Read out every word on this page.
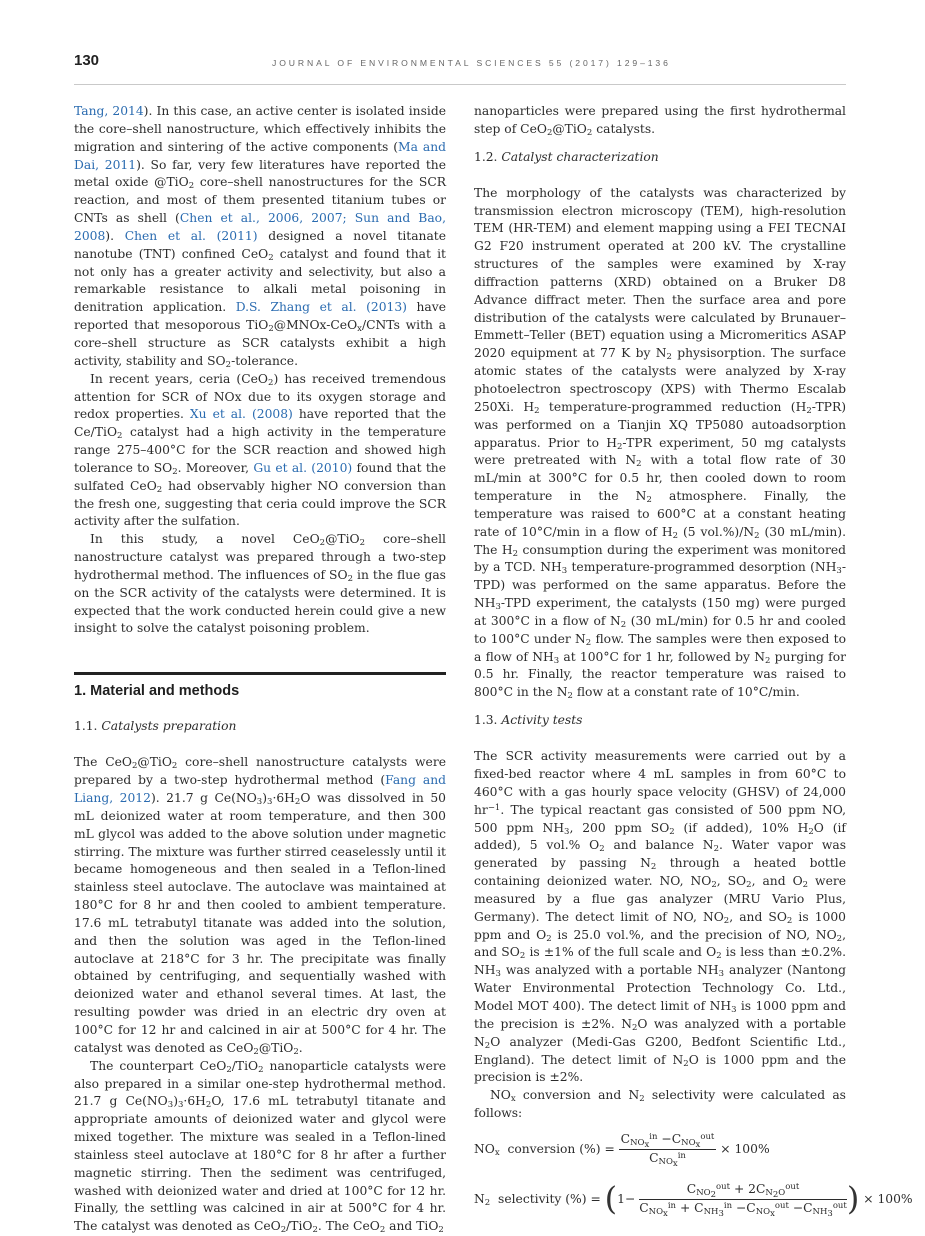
130	JOURNAL OF ENVIRONMENTAL SCIENCES 55 (2017) 129–136

Tang, 2014). In this case, an active center is isolated inside the core–shell nanostructure, which effectively inhibits the migration and sintering of the active components (Ma and Dai, 2011). So far, very few literatures have reported the metal oxide @TiO$_2$ core–shell nanostructures for the SCR reaction, and most of them presented titanium tubes or CNTs as shell (Chen et al., 2006, 2007; Sun and Bao, 2008). Chen et al. (2011) designed a novel titanate nanotube (TNT) confined CeO$_2$ catalyst and found that it not only has a greater activity and selectivity, but also a remarkable resistance to alkali metal poisoning in denitration application. D.S. Zhang et al. (2013) have reported that mesoporous TiO$_2$@MNOx-CeO$_x$/CNTs with a core–shell structure as SCR catalysts exhibit a high activity, stability and $SO_2$-tolerance.

In recent years, ceria (CeO$_2$) has received tremendous attention for SCR of NOx due to its oxygen storage and redox properties. Xu et al. (2008) have reported that the Ce/TiO$_2$ catalyst had a high activity in the temperature range 275–400°C for the SCR reaction and showed high tolerance to $SO_2$. Moreover, Gu et al. (2010) found that the sulfated CeO$_2$ had observably higher NO conversion than the fresh one, suggesting that ceria could improve the SCR activity after the sulfation.

In this study, a novel CeO$_2$@TiO$_2$ core–shell nanostructure catalyst was prepared through a two-step hydrothermal method. The influences of $SO_2$ in the flue gas on the SCR activity of the catalysts were determined. It is expected that the work conducted herein could give a new insight to solve the catalyst poisoning problem.

1. Material and methods
1.1. Catalysts preparation

The CeO$_2$@TiO$_2$ core–shell nanostructure catalysts were prepared by a two-step hydrothermal method (Fang and Liang, 2012). 21.7 g $Ce(NO_3)_3\cdot 6H_2O$ was dissolved in 50 mL deionized water at room temperature, and then 300 mL glycol was added to the above solution under magnetic stirring. The mixture was further stirred ceaselessly until it became homogeneous and then sealed in a Teflon-lined stainless steel autoclave. The autoclave was maintained at 180°C for 8 hr and then cooled to ambient temperature. 17.6 mL tetrabutyl titanate was added into the solution, and then the solution was aged in the Teflon-lined autoclave at 218°C for 3 hr. The precipitate was finally obtained by centrifuging, and sequentially washed with deionized water and ethanol several times. At last, the resulting powder was dried in an electric dry oven at 100°C for 12 hr and calcined in air at 500°C for 4 hr. The catalyst was denoted as CeO$_2$@TiO$_2$.

The counterpart CeO$_2$/TiO$_2$ nanoparticle catalysts were also prepared in a similar one-step hydrothermal method. 21.7 g $Ce(NO_3)_3\cdot 6H_2O$, 17.6 mL tetrabutyl titanate and appropriate amounts of deionized water and glycol were mixed together. The mixture was sealed in a Teflon-lined stainless steel autoclave at 180°C for 8 hr after a further magnetic stirring. Then the sediment was centrifuged, washed with deionized water and dried at 100°C for 12 hr. Finally, the settling was calcined in air at 500°C for 4 hr. The catalyst was denoted as CeO$_2$/TiO$_2$. The CeO$_2$ and TiO$_2$

nanoparticles were prepared using the first hydrothermal step of CeO$_2$@TiO$_2$ catalysts.

1.2. Catalyst characterization

The morphology of the catalysts was characterized by transmission electron microscopy (TEM), high-resolution TEM (HR-TEM) and element mapping using a FEI TECNAI G2 F20 instrument operated at 200 kV. The crystalline structures of the samples were examined by X-ray diffraction patterns (XRD) obtained on a Bruker D8 Advance diffract meter. Then the surface area and pore distribution of the catalysts were calculated by Brunauer–Emmett–Teller (BET) equation using a Micromeritics ASAP 2020 equipment at 77 K by $N_2$ physisorption. The surface atomic states of the catalysts were analyzed by X-ray photoelectron spectroscopy (XPS) with Thermo Escalab 250Xi. $H_2$ temperature-programmed reduction $(H_2-TPR)$ was performed on a Tianjin XQ TP5080 autoadsorption apparatus. Prior to $H_2$-TPR experiment, 50 mg catalysts were pretreated with $N_2$ with a total flow rate of 30 mL/min at 300°C for 0.5 hr, then cooled down to room temperature in the $N_2$ atmosphere. Finally, the temperature was raised to 600°C at a constant heating rate of 10°C/min in a flow of $H_2$ (5 $vol.\%)/N_2$ (30 mL/min). The $H_2$ consumption during the experiment was monitored by a TCD. $NH_3$ temperature-programmed desorption $(NH_3-TPD)$ was performed on the same apparatus. Before the $NH_3$-TPD experiment, the catalysts (150 mg) were purged at 300°C in a flow of $N_2$ (30 mL/min) for 0.5 hr and cooled to 100°C under $N_2$ flow. The samples were then exposed to a flow of $NH_3$ at 100°C for 1 hr, followed by $N_2$ purging for 0.5 hr. Finally, the reactor temperature was raised to 800°C in the $N_2$ flow at a constant rate of 10°C/min.

1.3. Activity tests

The SCR activity measurements were carried out by a fixed-bed reactor where 4 mL samples in from 60°C to 460°C with a gas hourly space velocity (GHSV) of 24,000 $hr^{-1}$. The typical reactant gas consisted of 500 ppm NO, 500 ppm $NH_3$, 200 ppm $SO_2$ (if added), 10% $H_2O$ (if added), 5 vol.% $O_2$ and balance $N_2$. Water vapor was generated by passing $N_2$ through a heated bottle containing deionized water. NO, $NO_2$, $SO_2$, and $O_2$ were measured by a flue gas analyzer (MRU Vario Plus, Germany). The detect limit of NO, $NO_2$, and $SO_2$ is 1000 ppm and $O_2$ is 25.0 vol.%, and the precision of NO, $NO_2$, and $SO_2$ is ±1% of the full scale and $O_2$ is less than ±0.2%. $NH_3$ was analyzed with a portable $NH_3$ analyzer (Nantong Water Environmental Protection Technology Co. Ltd., Model MOT 400). The detect limit of $NH_3$ is 1000 ppm and the precision is ±2%. $N_2O$ was analyzed with a portable $N_2O$ analyzer (Medi-Gas G200, Bedfont Scientific Ltd., England). The detect limit of $N_2O$ is 1000 ppm and the precision is ±2%.

$NO_x$ conversion and $N_2$ selectivity were calculated as follows:

$NO_x$ conversion (%) = $\frac{C_{NO_x}^{in} -C_{NO_x}^{out}}{C_{NO_x}^{in}} \times 100\%$
$N_2$ selectivity (%) = ($1- \frac{C_{NO_2}^{out} + 2C_{N_2O}^{out}}{C_{NO_x}^{in} + C_{NH_3}^{in} -C_{NO_x}^{out} -C_{NH_3}^{out}}$ ) × 100%
